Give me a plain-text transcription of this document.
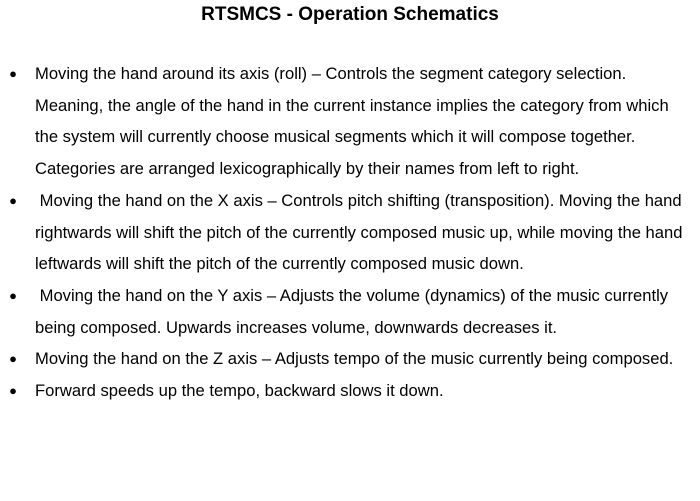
RTSMCS - Operation Schematics
● Moving the hand around its axis (roll) – Controls the segment category selection. Meaning, the angle of the hand in the current instance implies the category from which the system will currently choose musical segments which it will compose together. Categories are arranged lexicographically by their names from left to right.
● Moving the hand on the X axis – Controls pitch shifting (transposition). Moving the hand rightwards will shift the pitch of the currently composed music up, while moving the hand leftwards will shift the pitch of the currently composed music down.
● Moving the hand on the Y axis – Adjusts the volume (dynamics) of the music currently being composed. Upwards increases volume, downwards decreases it.
● Moving the hand on the Z axis – Adjusts tempo of the music currently being composed.
● Forward speeds up the tempo, backward slows it down.
